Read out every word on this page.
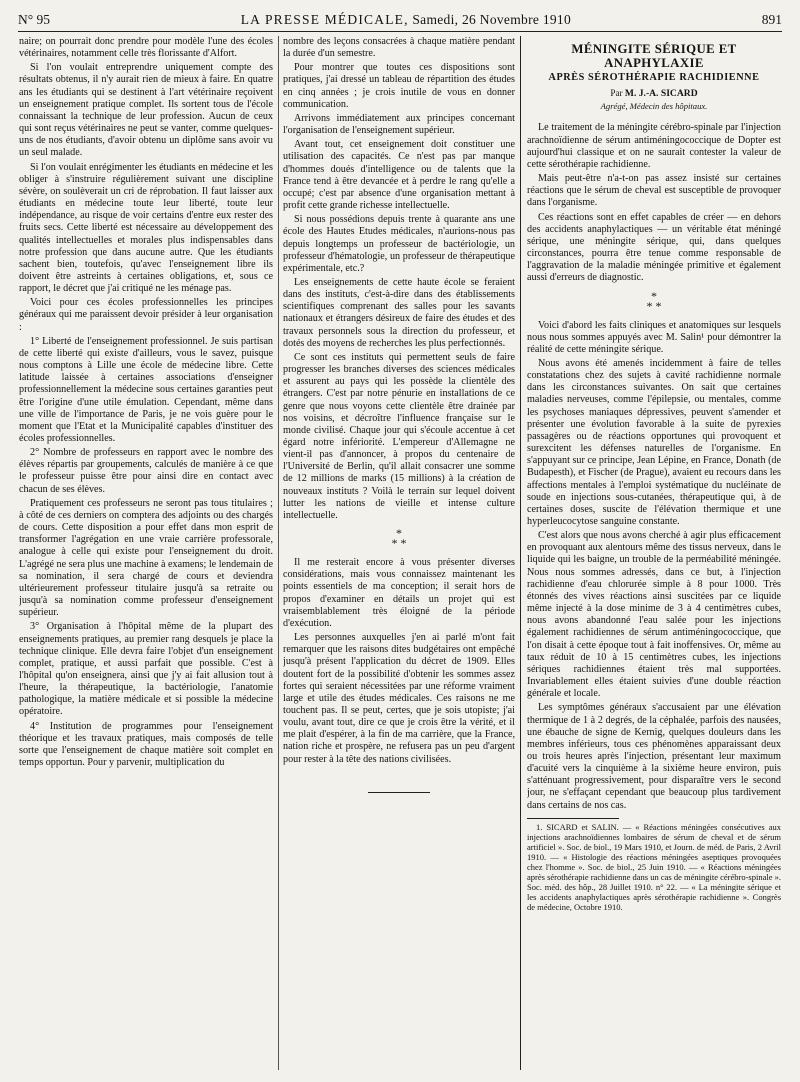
N° 95	LA PRESSE MÉDICALE, Samedi, 26 Novembre 1910	891

naire; on pourrait donc prendre pour modèle l'une des écoles vétérinaires, notamment celle très florissante d'Alfort.

Si l'on voulait entreprendre uniquement compte des résultats obtenus, il n'y aurait rien de mieux à faire. En quatre ans les étudiants qui se destinent à l'art vétérinaire reçoivent un enseignement pratique complet. Ils sortent tous de l'école connaissant la technique de leur profession. Aucun de ceux qui sont reçus vétérinaires ne peut se vanter, comme quelques-uns de nos étudiants, d'avoir obtenu un diplôme sans avoir vu un seul malade.

Si l'on voulait enrégimenter les étudiants en médecine et les obliger à s'instruire régulièrement suivant une discipline sévère, on soulèverait un cri de réprobation. Il faut laisser aux étudiants en médecine toute leur liberté, toute leur indépendance, au risque de voir certains d'entre eux rester des fruits secs. Cette liberté est nécessaire au développement des qualités intellectuelles et morales plus indispensables dans notre profession que dans aucune autre. Que les étudiants sachent bien, toutefois, qu'avec l'enseignement libre ils doivent être astreints à certaines obligations, et, sous ce rapport, le décret que j'ai critiqué ne les ménage pas.

Voici pour ces écoles professionnelles les principes généraux qui me paraissent devoir présider à leur organisation :

1° Liberté de l'enseignement professionnel. Je suis partisan de cette liberté qui existe d'ailleurs, vous le savez, puisque nous comptons à Lille une école de médecine libre. Cette latitude laissée à certaines associations d'enseigner professionnellement la médecine sous certaines garanties peut être l'origine d'une utile émulation. Cependant, même dans une ville de l'importance de Paris, je ne vois guère pour le moment que l'Etat et la Municipalité capables d'instituer des écoles professionnelles.

2° Nombre de professeurs en rapport avec le nombre des élèves répartis par groupements, calculés de manière à ce que le professeur puisse être pour ainsi dire en contact avec chacun de ses élèves.

Pratiquement ces professeurs ne seront pas tous titulaires ; à côté de ces derniers on comptera des adjoints ou des chargés de cours. Cette disposition a pour effet dans mon esprit de transformer l'agrégation en une vraie carrière professorale, analogue à celle qui existe pour l'enseignement du droit. L'agrégé ne sera plus une machine à examens; le lendemain de sa nomination, il sera chargé de cours et deviendra ultérieurement professeur titulaire jusqu'à sa retraite ou jusqu'à sa nomination comme professeur d'enseignement supérieur.

3° Organisation à l'hôpital même de la plupart des enseignements pratiques, au premier rang desquels je place la technique clinique. Elle devra faire l'objet d'un enseignement complet, pratique, et aussi parfait que possible. C'est à l'hôpital qu'on enseignera, ainsi que j'y ai fait allusion tout à l'heure, la thérapeutique, la bactériologie, l'anatomie pathologique, la matière médicale et si possible la médecine opératoire.

4° Institution de programmes pour l'enseignement théorique et les travaux pratiques, mais composés de telle sorte que l'enseignement de chaque matière soit complet en temps opportun. Pour y parvenir, multiplication du

nombre des leçons consacrées à chaque matière pendant la durée d'un semestre.

Pour montrer que toutes ces dispositions sont pratiques, j'ai dressé un tableau de répartition des études en cinq années ; je crois inutile de vous en donner communication.

Arrivons immédiatement aux principes concernant l'organisation de l'enseignement supérieur.

Avant tout, cet enseignement doit constituer une utilisation des capacités. Ce n'est pas par manque d'hommes doués d'intelligence ou de talents que la France tend à être devancée et à perdre le rang qu'elle a occupé; c'est par absence d'une organisation mettant à profit cette grande richesse intellectuelle.

Si nous possédions depuis trente à quarante ans une école des Hautes Etudes médicales, n'aurions-nous pas depuis longtemps un professeur de bactériologie, un professeur d'hématologie, un professeur de thérapeutique expérimentale, etc.?

Les enseignements de cette haute école se feraient dans des instituts, c'est-à-dire dans des établissements scientifiques comprenant des salles pour les savants nationaux et étrangers désireux de faire des études et des travaux personnels sous la direction du professeur, et dotés des moyens de recherches les plus perfectionnés.

Ce sont ces instituts qui permettent seuls de faire progresser les branches diverses des sciences médicales et assurent au pays qui les possède la clientèle des étrangers. C'est par notre pénurie en installations de ce genre que nous voyons cette clientèle être drainée par nos voisins, et décroître l'influence française sur le monde civilisé. Chaque jour qui s'écoule accentue à cet égard notre infériorité. L'empereur d'Allemagne ne vient-il pas d'annoncer, à propos du centenaire de l'Université de Berlin, qu'il allait consacrer une somme de 12 millions de marks (15 millions) à la création de nouveaux instituts ? Voilà le terrain sur lequel doivent lutter les nations de vieille et intense culture intellectuelle.

*
* *

Il me resterait encore à vous présenter diverses considérations, mais vous connaissez maintenant les points essentiels de ma conception; il serait hors de propos d'examiner en détails un projet qui est vraisemblablement très éloigné de la période d'exécution.

Les personnes auxquelles j'en ai parlé m'ont fait remarquer que les raisons dites budgétaires ont empêché jusqu'à présent l'application du décret de 1909. Elles doutent fort de la possibilité d'obtenir les sommes assez fortes qui seraient nécessitées par une réforme vraiment large et utile des études médicales. Ces raisons ne me touchent pas. Il se peut, certes, que je sois utopiste; j'ai voulu, avant tout, dire ce que je crois être la vérité, et il me plait d'espérer, à la fin de ma carrière, que la France, nation riche et prospère, ne refusera pas un peu d'argent pour rester à la tête des nations civilisées.

MÉNINGITE SÉRIQUE ET ANAPHYLAXIE
APRÈS SÉROTHÉRAPIE RACHIDIENNE
Par M. J.-A. SICARD
Agrégé, Médecin des hôpitaux.

Le traitement de la méningite cérébro-spinale par l'injection arachnoïdienne de sérum antiméningococcique de Dopter est aujourd'hui classique et on ne saurait contester la valeur de cette sérothérapie rachidienne.

Mais peut-être n'a-t-on pas assez insisté sur certaines réactions que le sérum de cheval est susceptible de provoquer dans l'organisme.

Ces réactions sont en effet capables de créer — en dehors des accidents anaphylactiques — un véritable état méningé sérique, une méningite sérique, qui, dans quelques circonstances, pourra être tenue comme responsable de l'aggravation de la maladie méningée primitive et également aussi d'erreurs de diagnostic.

*
* *

Voici d'abord les faits cliniques et anatomiques sur lesquels nous nous sommes appuyés avec M. Salin¹ pour démontrer la réalité de cette méningite sérique.

Nous avons été amenés incidemment à faire de telles constatations chez des sujets à cavité rachidienne normale dans les circonstances suivantes. On sait que certaines maladies nerveuses, comme l'épilepsie, ou mentales, comme les psychoses maniaques dépressives, peuvent s'amender et présenter une évolution favorable à la suite de pyrexies passagères ou de réactions opportunes qui provoquent et surexcitent les défenses naturelles de l'organisme. En s'appuyant sur ce principe, Jean Lépine, en France, Donath (de Budapesth), et Fischer (de Prague), avaient eu recours dans les affections mentales à l'emploi systématique du nucléinate de soude en injections sous-cutanées, thérapeutique qui, à de certaines doses, suscite de l'élévation thermique et une hyperleucocytose sanguine constante.

C'est alors que nous avons cherché à agir plus efficacement en provoquant aux alentours même des tissus nerveux, dans le liquide qui les baigne, un trouble de la perméabilité méningée. Nous nous sommes adressés, dans ce but, à l'injection rachidienne d'eau chlorurée simple à 8 pour 1000. Très étonnés des vives réactions ainsi suscitées par ce liquide même injecté à la dose minime de 3 à 4 centimètres cubes, nous avons abandonné l'eau salée pour les injections également rachidiennes de sérum antiméningococcique, que l'on disait à cette époque tout à fait inoffensives. Or, même au taux réduit de 10 à 15 centimètres cubes, les injections sériques rachidiennes étaient très mal supportées. Invariablement elles étaient suivies d'une double réaction générale et locale.

Les symptômes généraux s'accusaient par une élévation thermique de 1 à 2 degrés, de la céphalée, parfois des nausées, une ébauche de signe de Kernig, quelques douleurs dans les membres inférieurs, tous ces phénomènes apparaissant deux ou trois heures après l'injection, présentant leur maximum d'acuité vers la cinquième à la sixième heure environ, puis s'atténuant progressivement, pour disparaître vers le second jour, ne s'effaçant cependant que beaucoup plus tardivement dans certains de nos cas.

1. SICARD et SALIN. — « Réactions méningées consécutives aux injections arachnoïdiennes lombaires de sérum de cheval et de sérum artificiel ». Soc. de biol., 19 Mars 1910, et Journ. de méd. de Paris, 2 Avril 1910. — « Histologie des réactions méningées aseptiques provoquées chez l'homme ». Soc. de biol., 25 Juin 1910. — « Réactions méningées après sérothérapie rachidienne dans un cas de méningite cérébro-spinale ». Soc. méd. des hôp., 28 Juillet 1910. n° 22. — « La méningite sérique et les accidents anaphylactiques après sérothérapie rachidienne ». Congrès de médecine, Octobre 1910.
